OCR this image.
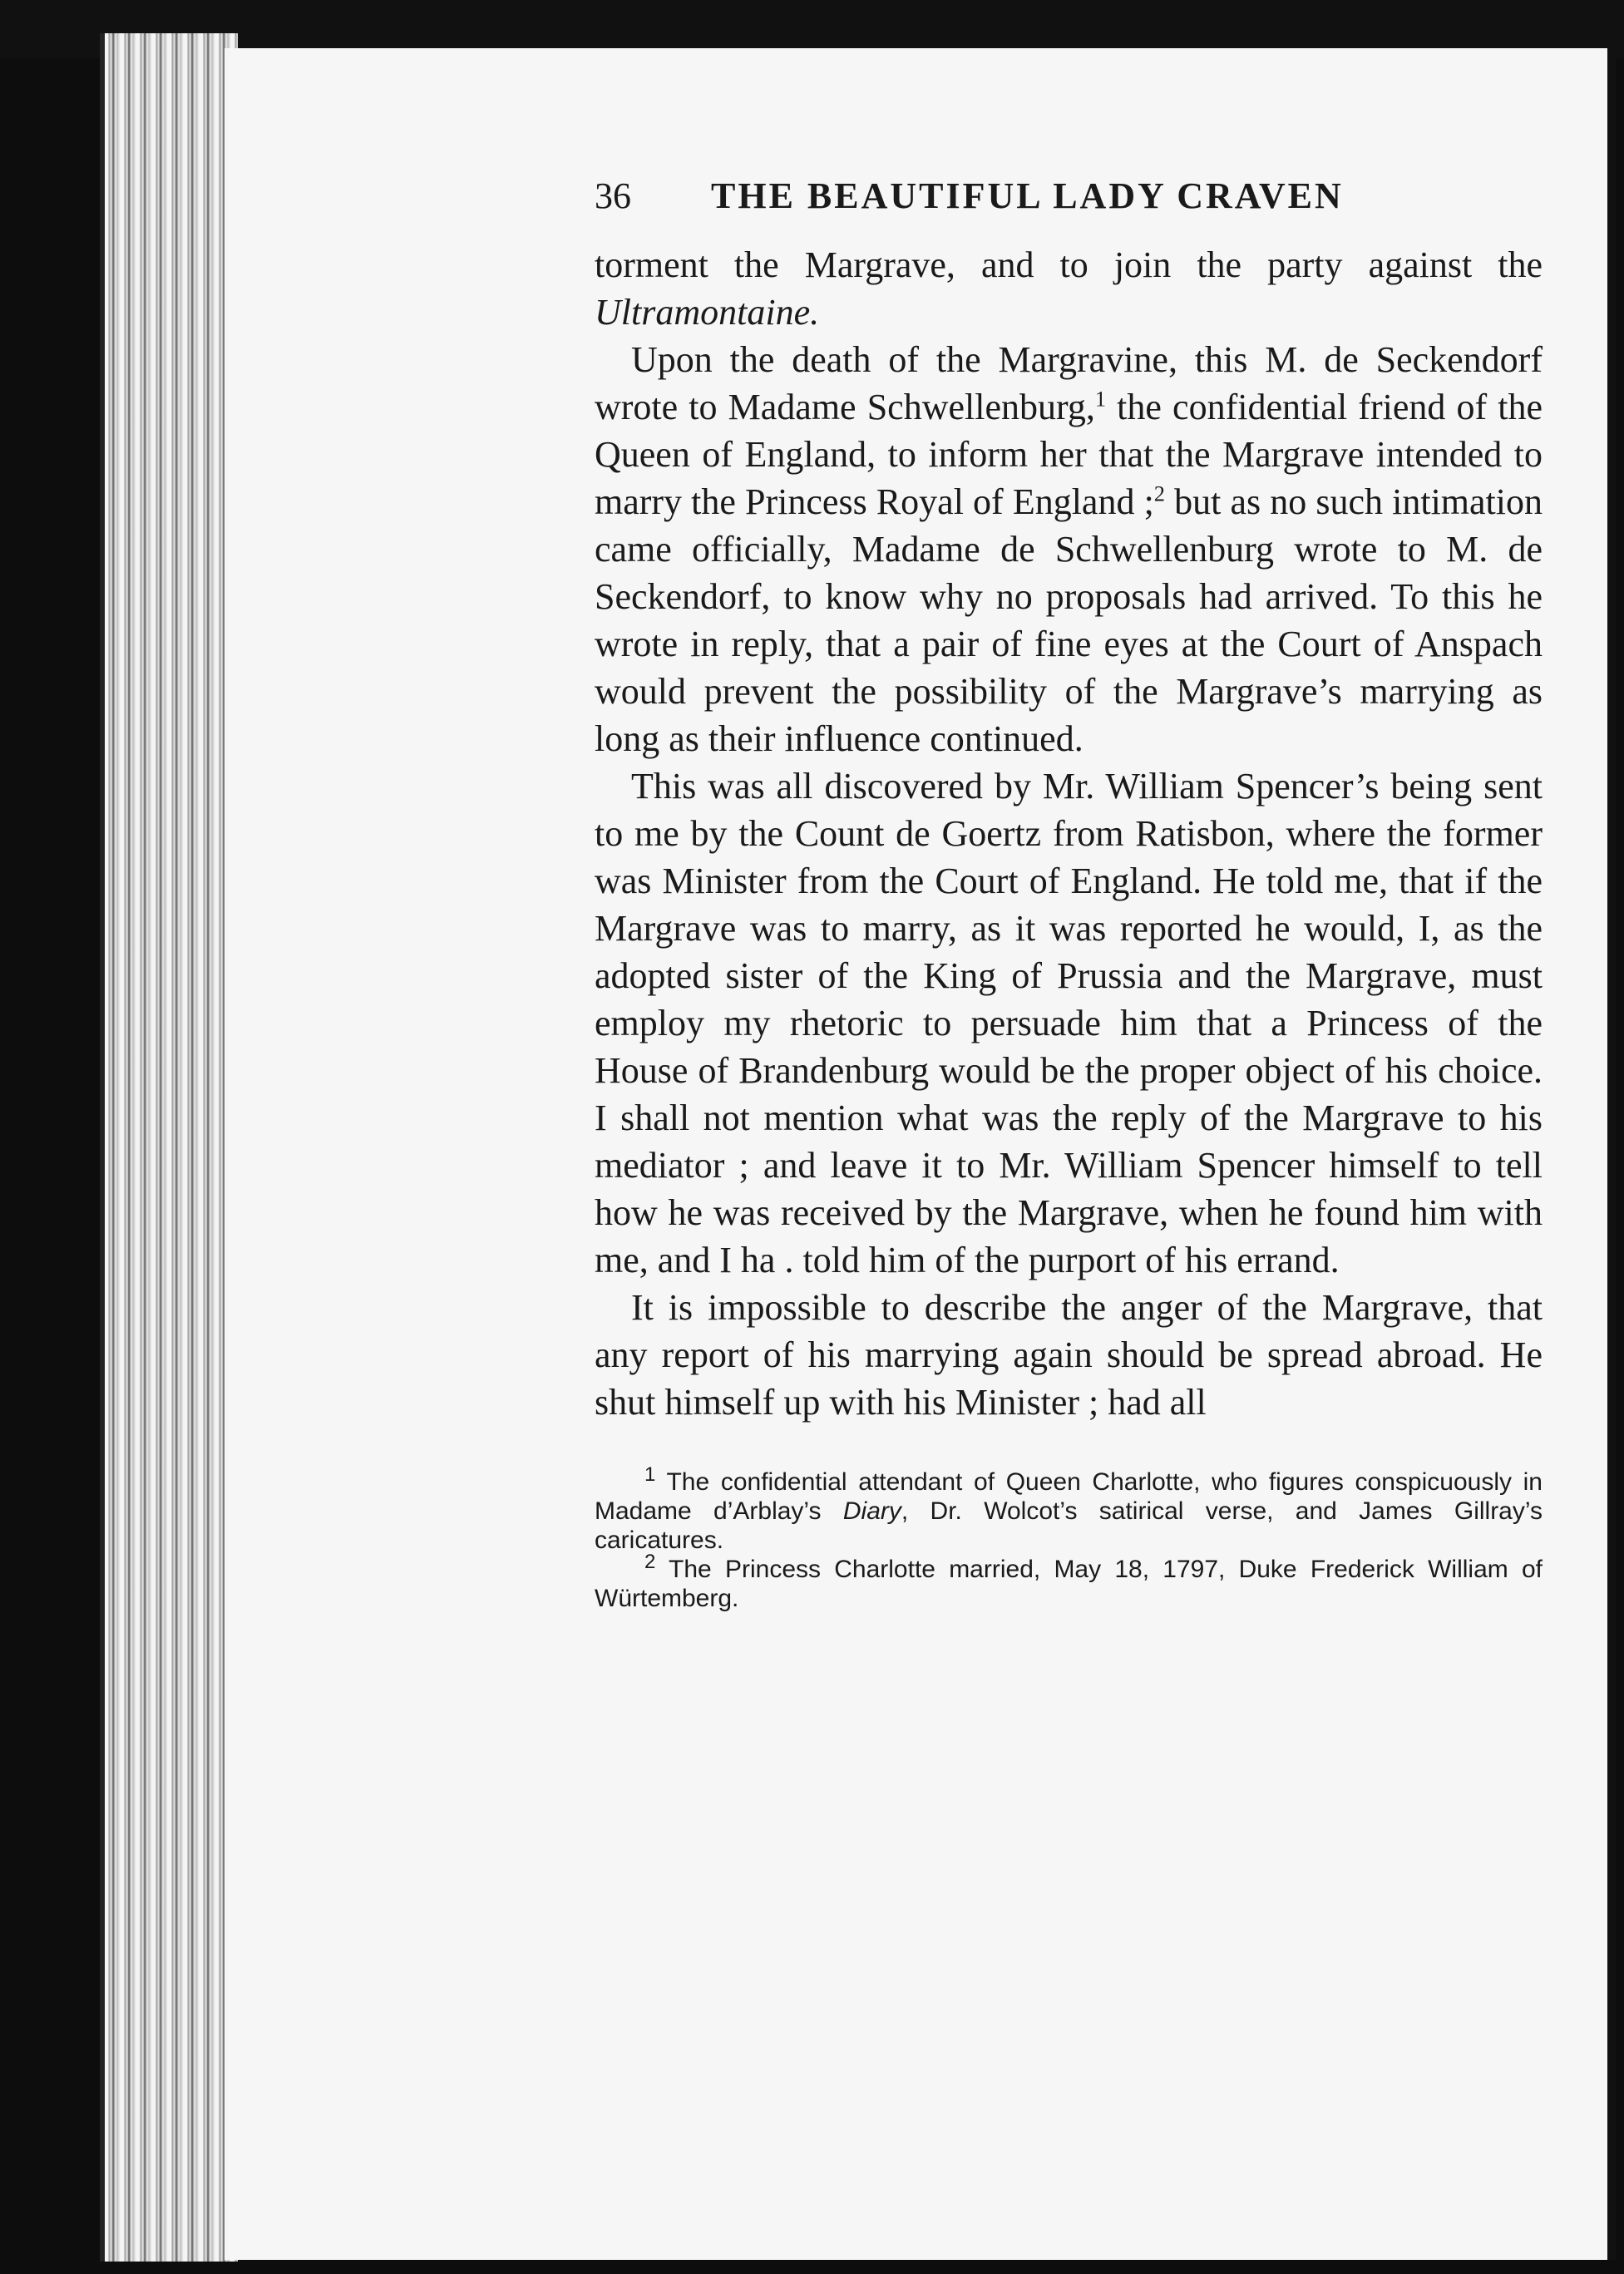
36	THE BEAUTIFUL LADY CRAVEN

torment the Margrave, and to join the party against the Ultramontaine.

Upon the death of the Margravine, this M. de Seckendorf wrote to Madame Schwellenburg,$^1$ the confidential friend of the Queen of England, to inform her that the Margrave intended to marry the Princess Royal of England ;$^2$ but as no such intimation came officially, Madame de Schwellenburg wrote to M. de Seckendorf, to know why no proposals had arrived. To this he wrote in reply, that a pair of fine eyes at the Court of Anspach would prevent the possibility of the Margrave’s marrying as long as their influence continued.

This was all discovered by Mr. William Spencer’s being sent to me by the Count de Goertz from Ratisbon, where the former was Minister from the Court of England. He told me, that if the Margrave was to marry, as it was reported he would, I, as the adopted sister of the King of Prussia and the Margrave, must employ my rhetoric to persuade him that a Princess of the House of Brandenburg would be the proper object of his choice. I shall not mention what was the reply of the Margrave to his mediator ; and leave it to Mr. William Spencer himself to tell how he was received by the Margrave, when he found him with me, and I ha . told him of the purport of his errand.

It is impossible to describe the anger of the Margrave, that any report of his marrying again should be spread abroad. He shut himself up with his Minister ; had all

$^1$ The confidential attendant of Queen Charlotte, who figures conspicuously in Madame d’Arblay’s Diary, Dr. Wolcot’s satirical verse, and James Gillray’s caricatures.

$^2$ The Princess Charlotte married, May 18, 1797, Duke Frederick William of Würtemberg.
